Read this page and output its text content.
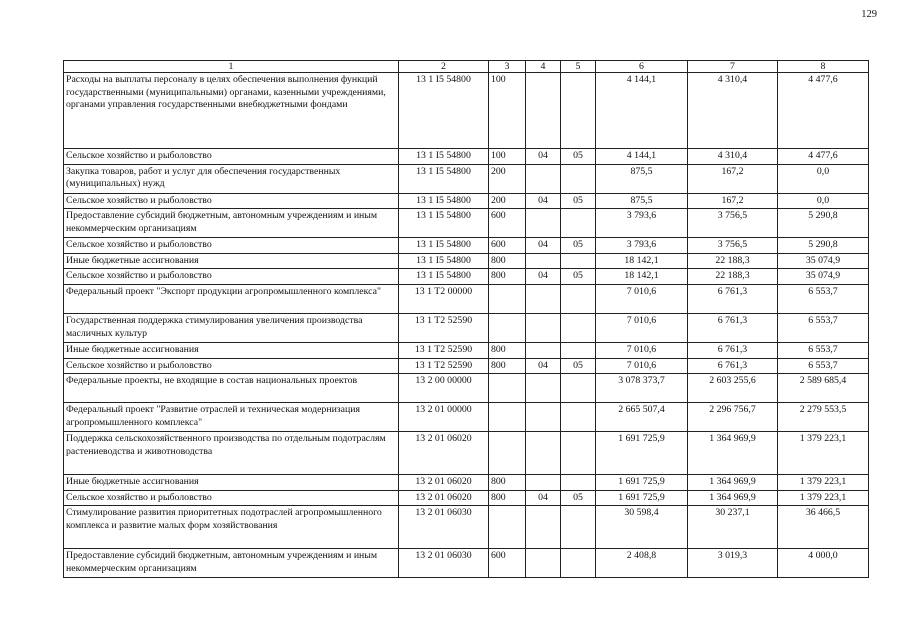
129
1	2	3	4	5	6	7	8
Расходы на выплаты персоналу в целях обеспечения выполнения функций государственными (муниципальными) органами, казенными учреждениями, органами управления государственными внебюджетными фондами	13 1 I5 54800	100			4 144,1	4 310,4	4 477,6
Сельское хозяйство и рыболовство	13 1 I5 54800	100	04	05	4 144,1	4 310,4	4 477,6
Закупка товаров, работ и услуг для обеспечения государственных (муниципальных) нужд	13 1 I5 54800	200			875,5	167,2	0,0
Сельское хозяйство и рыболовство	13 1 I5 54800	200	04	05	875,5	167,2	0,0
Предоставление субсидий бюджетным, автономным учреждениям и иным некоммерческим организациям	13 1 I5 54800	600			3 793,6	3 756,5	5 290,8
Сельское хозяйство и рыболовство	13 1 I5 54800	600	04	05	3 793,6	3 756,5	5 290,8
Иные бюджетные ассигнования	13 1 I5 54800	800			18 142,1	22 188,3	35 074,9
Сельское хозяйство и рыболовство	13 1 I5 54800	800	04	05	18 142,1	22 188,3	35 074,9
Федеральный проект "Экспорт продукции агропромышленного комплекса"	13 1 T2 00000				7 010,6	6 761,3	6 553,7
Государственная поддержка стимулирования увеличения производства масличных культур	13 1 T2 52590				7 010,6	6 761,3	6 553,7
Иные бюджетные ассигнования	13 1 T2 52590	800			7 010,6	6 761,3	6 553,7
Сельское хозяйство и рыболовство	13 1 T2 52590	800	04	05	7 010,6	6 761,3	6 553,7
Федеральные проекты, не входящие в состав национальных проектов	13 2 00 00000				3 078 373,7	2 603 255,6	2 589 685,4
Федеральный проект "Развитие отраслей и техническая модернизация агропромышленного комплекса"	13 2 01 00000				2 665 507,4	2 296 756,7	2 279 553,5
Поддержка сельскохозяйственного производства по отдельным подотраслям растениеводства и животноводства	13 2 01 06020				1 691 725,9	1 364 969,9	1 379 223,1
Иные бюджетные ассигнования	13 2 01 06020	800			1 691 725,9	1 364 969,9	1 379 223,1
Сельское хозяйство и рыболовство	13 2 01 06020	800	04	05	1 691 725,9	1 364 969,9	1 379 223,1
Стимулирование развития приоритетных подотраслей агропромышленного комплекса и развитие малых форм хозяйствования	13 2 01 06030				30 598,4	30 237,1	36 466,5
Предоставление субсидий бюджетным, автономным учреждениям и иным некоммерческим организациям	13 2 01 06030	600			2 408,8	3 019,3	4 000,0
